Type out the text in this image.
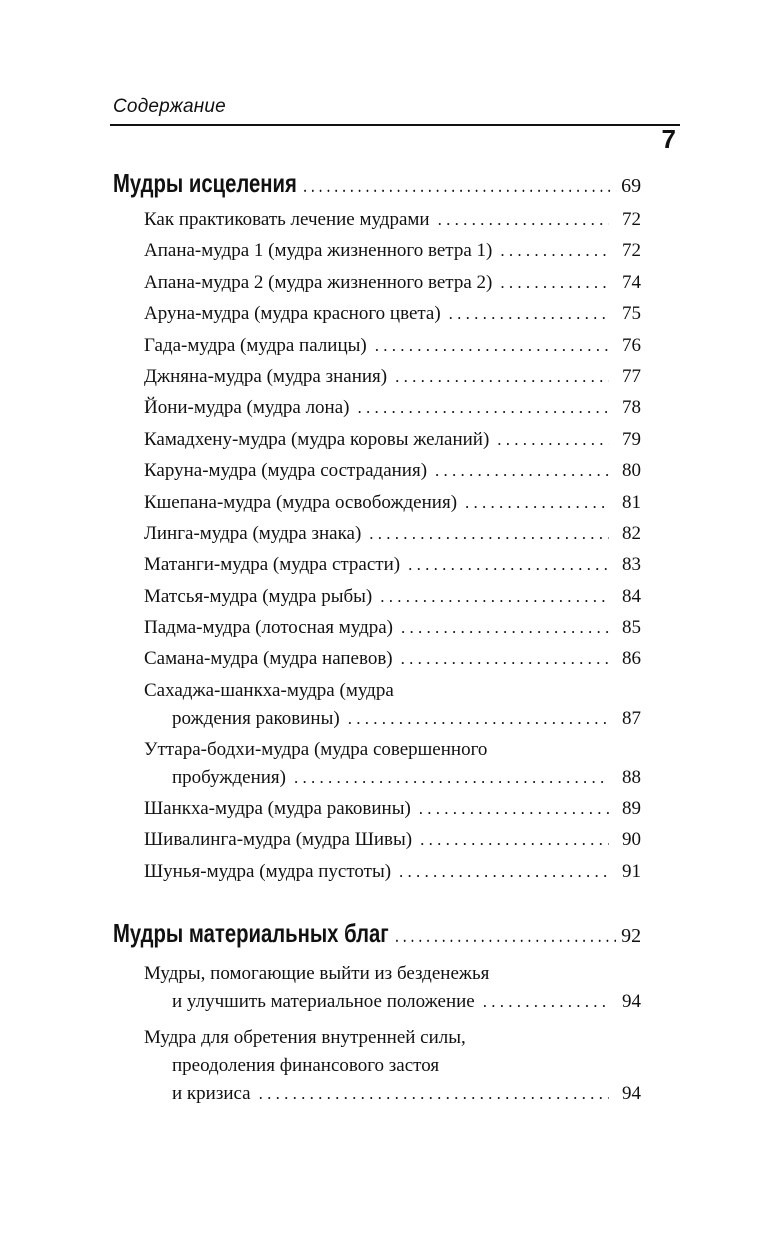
Содержание
7
Мудры исцеления . . .	69
Как практиковать лечение мудрами . . .	72
Апана-мудра 1 (мудра жизненного ветра 1) . . .	72
Апана-мудра 2 (мудра жизненного ветра 2) . . .	74
Аруна-мудра (мудра красного цвета) . . .	75
Гада-мудра (мудра палицы) . . .	76
Джняна-мудра (мудра знания) . . .	77
Йони-мудра (мудра лона) . . .	78
Камадхену-мудра (мудра коровы желаний) . . .	79
Каруна-мудра (мудра сострадания) . . .	80
Кшепана-мудра (мудра освобождения) . . .	81
Линга-мудра (мудра знака) . . .	82
Матанги-мудра (мудра страсти) . . .	83
Матсья-мудра (мудра рыбы) . . .	84
Падма-мудра (лотосная мудра) . . .	85
Самана-мудра (мудра напевов) . . .	86
Сахаджа-шанкха-мудра (мудра
рождения раковины) . . .	87
Уттара-бодхи-мудра (мудра совершенного
пробуждения) . . .	88
Шанкха-мудра (мудра раковины) . . .	89
Шивалинга-мудра (мудра Шивы) . . .	90
Шунья-мудра (мудра пустоты) . . .	91
Мудры материальных благ . . .	92
Мудры, помогающие выйти из безденежья
и улучшить материальное положение . . .	94
Мудра для обретения внутренней силы,
преодоления финансового застоя
и кризиса . . .	94
